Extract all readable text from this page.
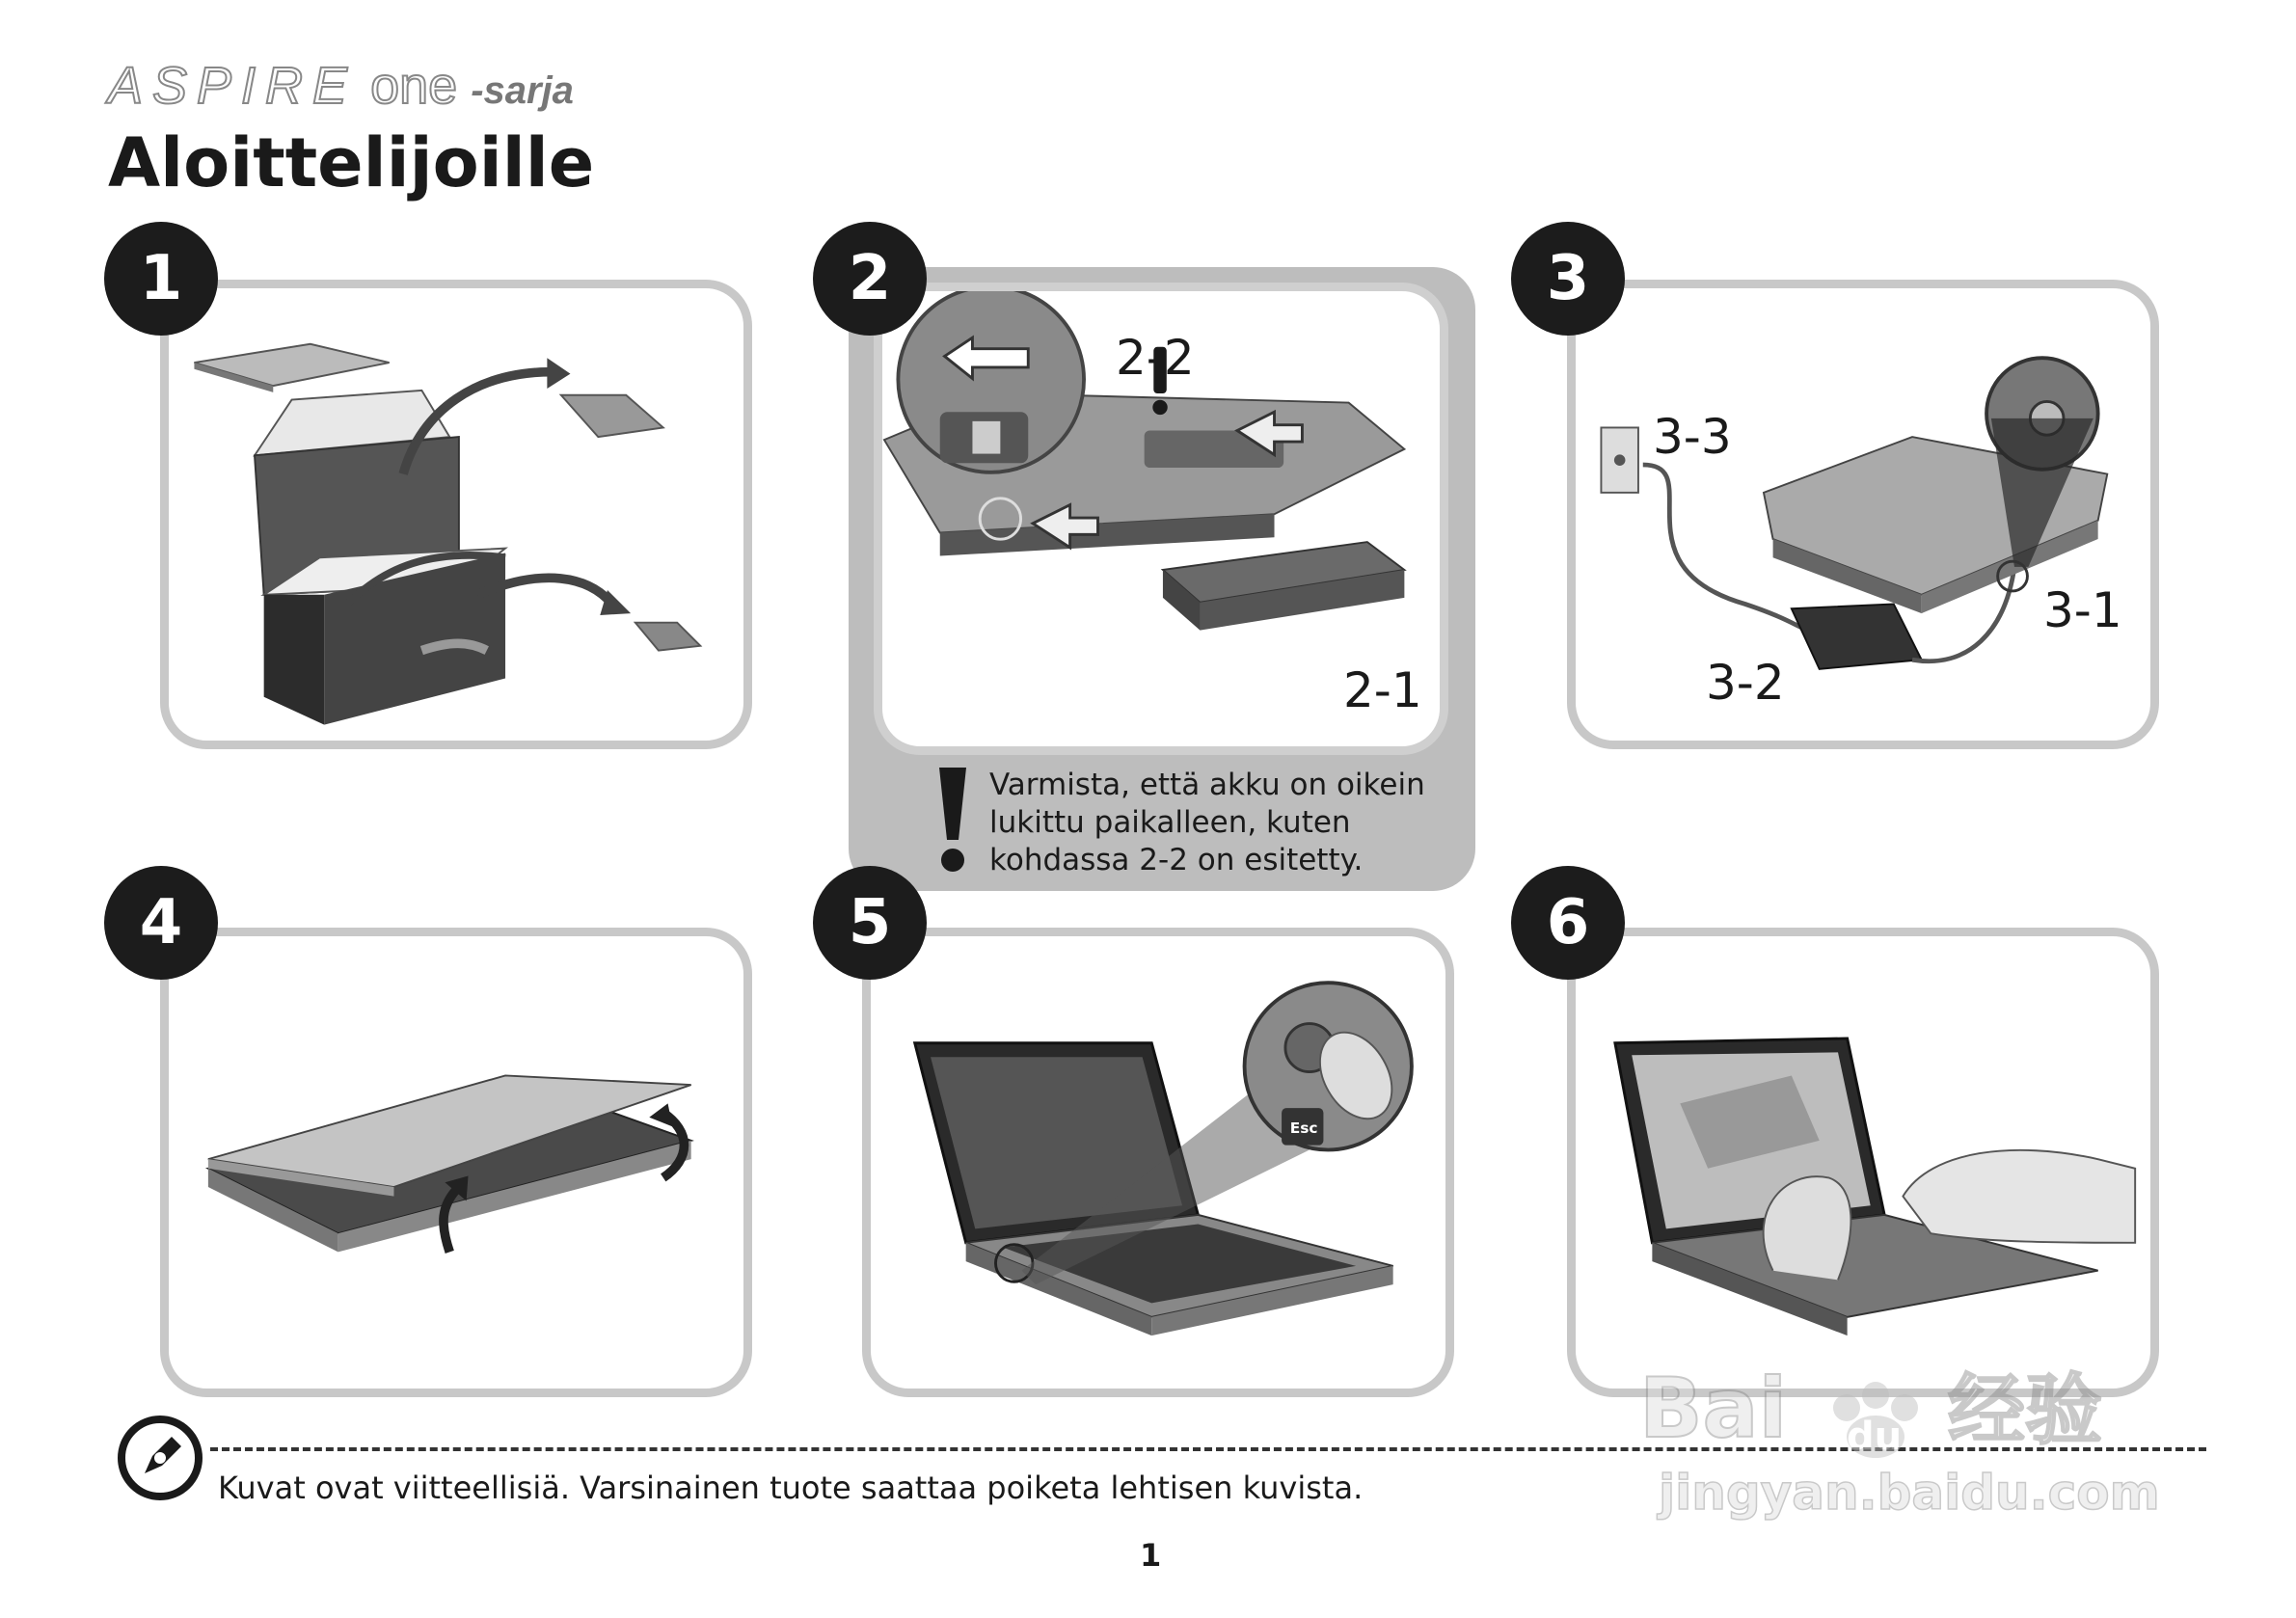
ASPIRE one -sarja
Aloittelijoille
2-2
2-1
Varmista, että akku on oikein
lukittu paikalleen, kuten
kohdassa 2-2 on esitetty.
3-3
3-1
3-2
Esc
1	2	3
4	5	6
Kuvat ovat viitteellisiä. Varsinainen tuote saattaa poiketa lehtisen kuvista.
1
Bai du 经验
jingyan.baidu.com
